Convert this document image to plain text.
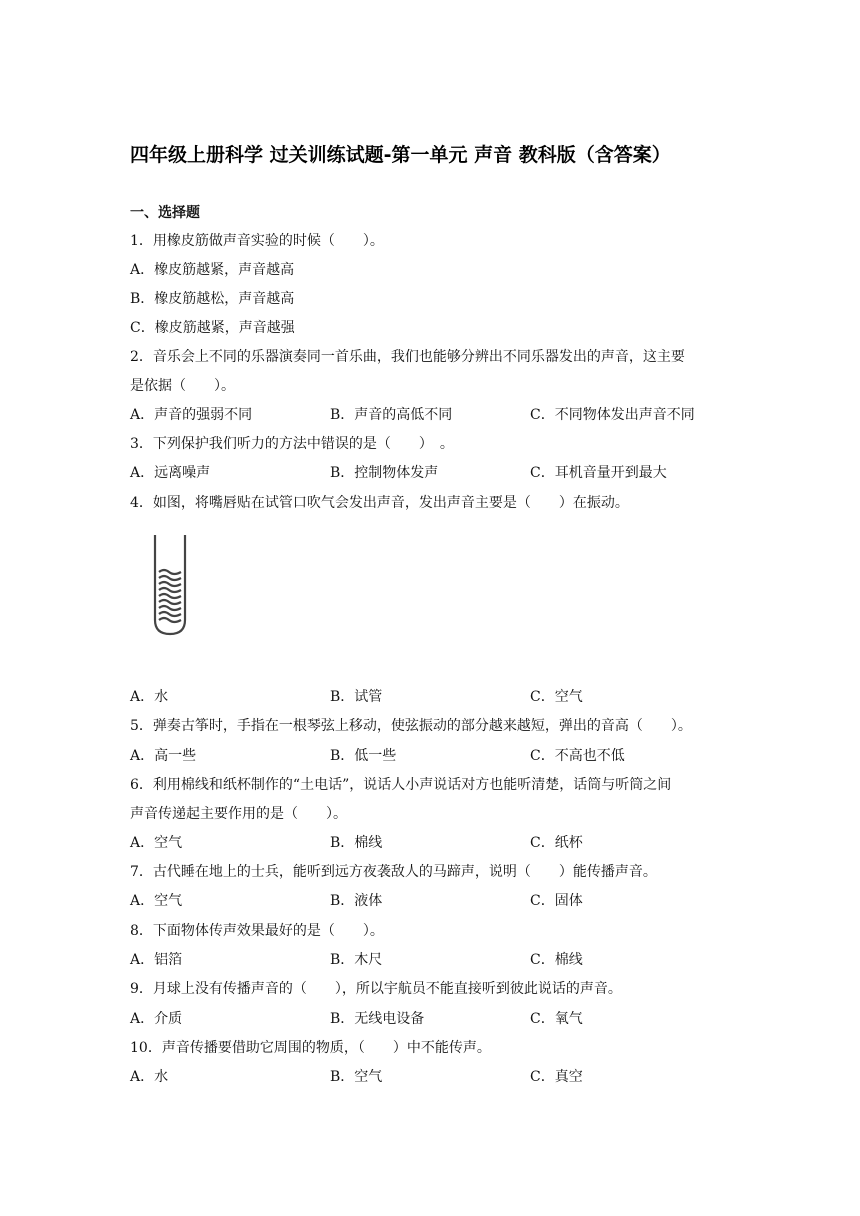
四年级上册科学 过关训练试题-第一单元 声音 教科版（含答案）
一、选择题
1．用橡皮筋做声音实验的时候（　　）。
A．橡皮筋越紧，声音越高
B．橡皮筋越松，声音越高
C．橡皮筋越紧，声音越强
2．音乐会上不同的乐器演奏同一首乐曲，我们也能够分辨出不同乐器发出的声音，这主要
是依据（　　）。
A．声音的强弱不同	B．声音的高低不同	C．不同物体发出声音不同
3．下列保护我们听力的方法中错误的是（　　）　。
A．远离噪声	B．控制物体发声	C．耳机音量开到最大
4．如图，将嘴唇贴在试管口吹气会发出声音，发出声音主要是（　　）在振动。
A．水	B．试管	C．空气
5．弹奏古筝时，手指在一根琴弦上移动，使弦振动的部分越来越短，弹出的音高（　　）。
A．高一些	B．低一些	C．不高也不低
6．利用棉线和纸杯制作的“土电话”，说话人小声说话对方也能听清楚，话筒与听筒之间
声音传递起主要作用的是（　　）。
A．空气	B．棉线	C．纸杯
7．古代睡在地上的士兵，能听到远方夜袭敌人的马蹄声，说明（　　）能传播声音。
A．空气	B．液体	C．固体
8．下面物体传声效果最好的是（　　）。
A．铝箔	B．木尺	C．棉线
9．月球上没有传播声音的（　　），所以宇航员不能直接听到彼此说话的声音。
A．介质	B．无线电设备	C．氧气
10．声音传播要借助它周围的物质，（　　）中不能传声。
A．水	B．空气	C．真空
